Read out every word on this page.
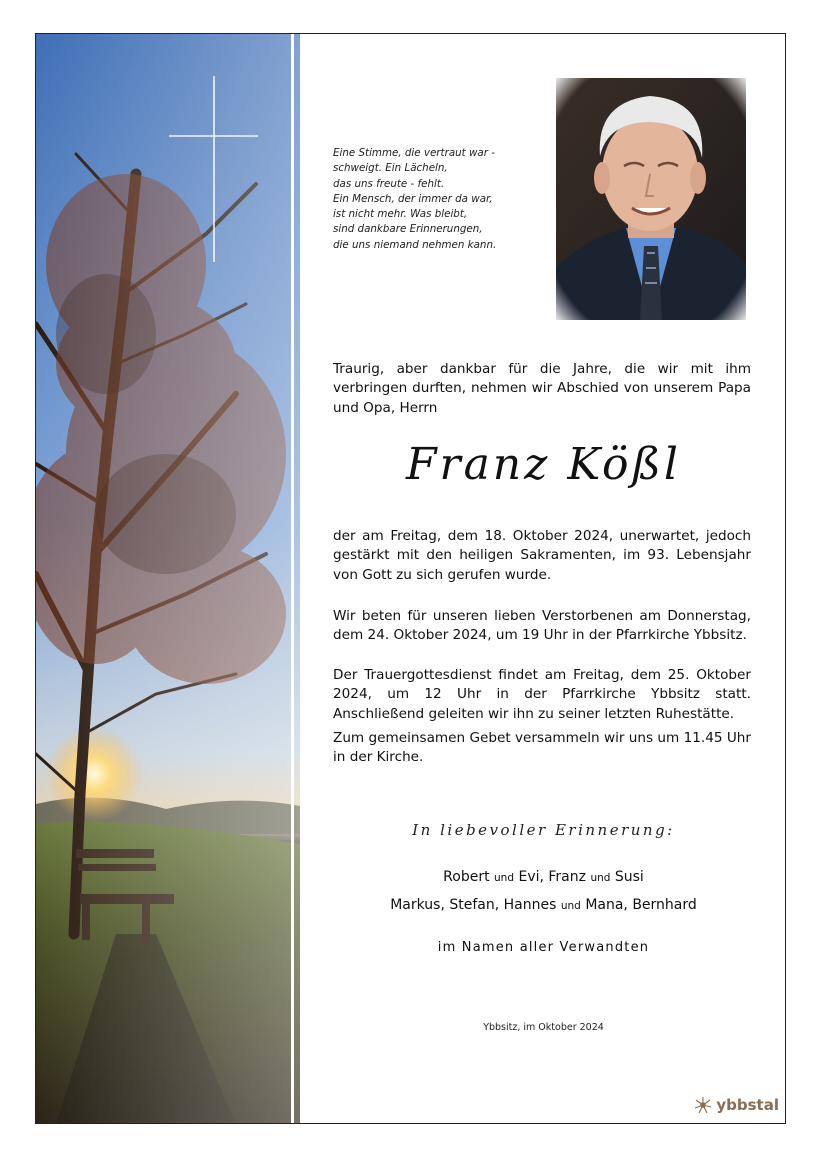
Eine Stimme, die vertraut war -
schweigt. Ein Lächeln,
das uns freute - fehlt.
Ein Mensch, der immer da war,
ist nicht mehr. Was bleibt,
sind dankbare Erinnerungen,
die uns niemand nehmen kann.
Traurig, aber dankbar für die Jahre, die wir mit ihm verbringen durften, nehmen wir Abschied von unserem Papa und Opa, Herrn
Franz Kößl
der am Freitag, dem 18. Oktober 2024, unerwartet, jedoch gestärkt mit den heiligen Sakramenten, im 93. Lebensjahr von Gott zu sich gerufen wurde.
Wir beten für unseren lieben Verstorbenen am Donnerstag, dem 24. Oktober 2024, um 19 Uhr in der Pfarrkirche Ybbsitz.
Der Trauergottesdienst findet am Freitag, dem 25. Oktober 2024, um 12 Uhr in der Pfarrkirche Ybbsitz statt. Anschließend geleiten wir ihn zu seiner letzten Ruhestätte.
Zum gemeinsamen Gebet versammeln wir uns um 11.45 Uhr in der Kirche.
In liebevoller Erinnerung:
Robert und Evi, Franz und Susi
Markus, Stefan, Hannes und Mana, Bernhard
im Namen aller Verwandten
Ybbsitz, im Oktober 2024
ybbstal
